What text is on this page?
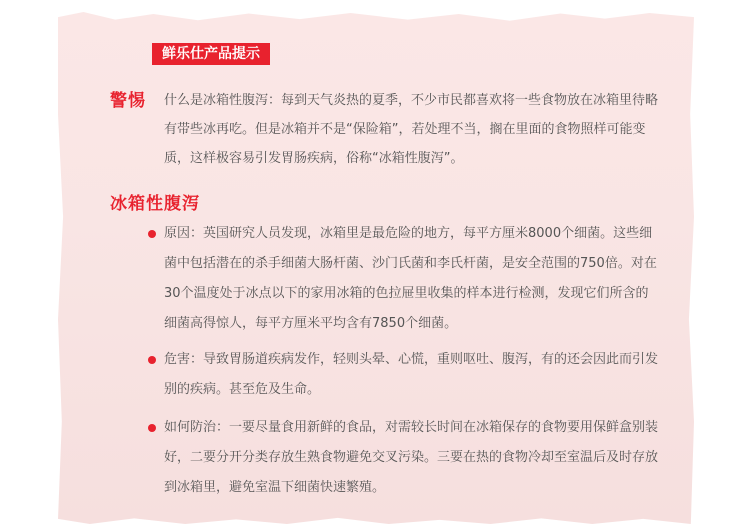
鲜乐仕产品提示
警惕 什么是冰箱性腹泻：每到天气炎热的夏季，不少市民都喜欢将一些食物放在冰箱里待略有带些冰再吃。但是冰箱并不是“保险箱”，若处理不当，搁在里面的食物照样可能变质，这样极容易引发胃肠疾病，俗称“冰箱性腹泻”。
冰箱性腹泻
原因：英国研究人员发现，冰箱里是最危险的地方，每平方厘米8000个细菌。这些细菌中包括潜在的杀手细菌大肠杆菌、沙门氏菌和李氏杆菌，是安全范围的750倍。对在30个温度处于冰点以下的家用冰箱的色拉屉里收集的样本进行检测，发现它们所含的细菌高得惊人，每平方厘米平均含有7850个细菌。
危害：导致胃肠道疾病发作，轻则头晕、心慌，重则呕吐、腹泻，有的还会因此而引发别的疾病。甚至危及生命。
如何防治：一要尽量食用新鲜的食品，对需较长时间在冰箱保存的食物要用保鲜盒别装好，二要分开分类存放生熟食物避免交叉污染。三要在热的食物冷却至室温后及时存放到冰箱里，避免室温下细菌快速繁殖。
